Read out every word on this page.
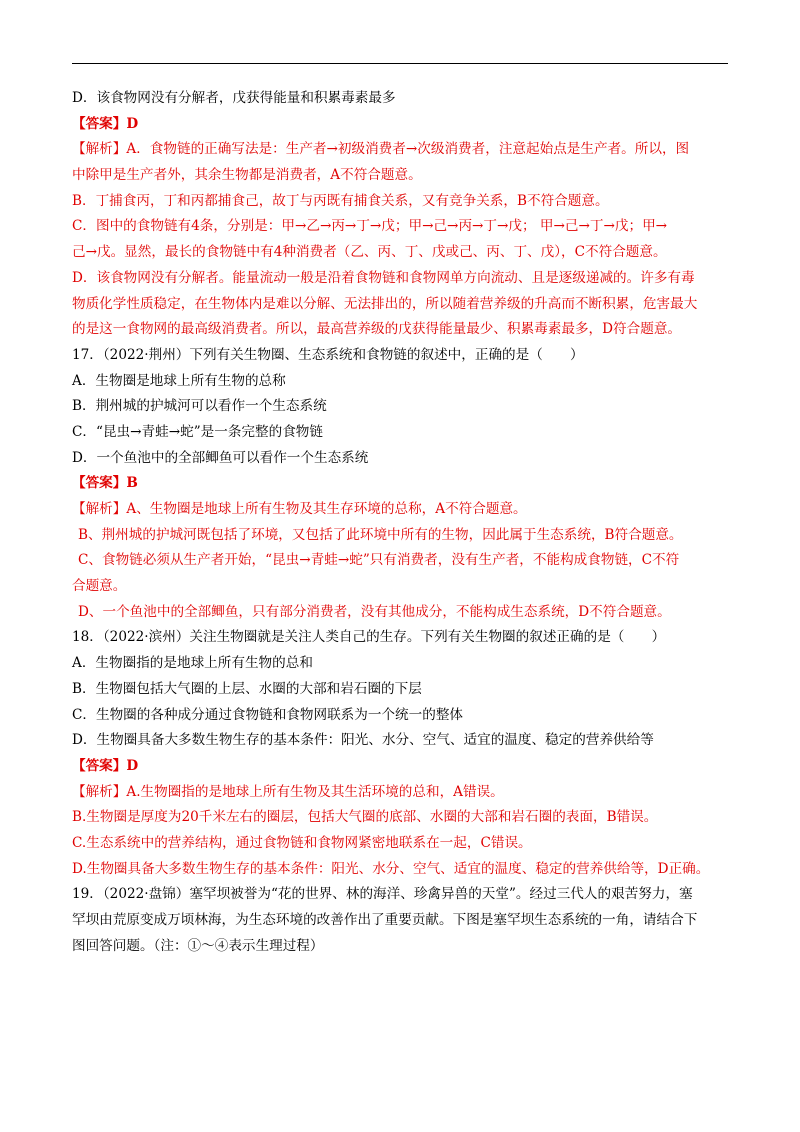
D．该食物网没有分解者，戊获得能量和积累毒素最多
【答案】D
【解析】A．食物链的正确写法是：生产者→初级消费者→次级消费者，注意起始点是生产者。所以，图
中除甲是生产者外，其余生物都是消费者，A不符合题意。
B．丁捕食丙，丁和丙都捕食己，故丁与丙既有捕食关系，又有竞争关系，B不符合题意。
C．图中的食物链有4条，分别是：甲→乙→丙→丁→戊；甲→己→丙→丁→戊； 甲→己→丁→戊；甲→
己→戊。显然，最长的食物链中有4种消费者（乙、丙、丁、戊或己、丙、丁、戊），C不符合题意。
D．该食物网没有分解者。能量流动一般是沿着食物链和食物网单方向流动、且是逐级递减的。许多有毒
物质化学性质稳定，在生物体内是难以分解、无法排出的，所以随着营养级的升高而不断积累，危害最大
的是这一食物网的最高级消费者。所以，最高营养级的戊获得能量最少、积累毒素最多，D符合题意。
17．（2022·荆州）下列有关生物圈、生态系统和食物链的叙述中，正确的是（　　）
A．生物圈是地球上所有生物的总称
B．荆州城的护城河可以看作一个生态系统
C．“昆虫→青蛙→蛇”是一条完整的食物链
D．一个鱼池中的全部鲫鱼可以看作一个生态系统
【答案】B
【解析】A、生物圈是地球上所有生物及其生存环境的总称，A不符合题意。
B、荆州城的护城河既包括了环境，又包括了此环境中所有的生物，因此属于生态系统，B符合题意。
C、食物链必须从生产者开始，“昆虫→青蛙→蛇”只有消费者，没有生产者，不能构成食物链，C不符
合题意。
D、一个鱼池中的全部鲫鱼，只有部分消费者，没有其他成分，不能构成生态系统，D不符合题意。
18．（2022·滨州）关注生物圈就是关注人类自己的生存。下列有关生物圈的叙述正确的是（　　）
A．生物圈指的是地球上所有生物的总和
B．生物圈包括大气圈的上层、水圈的大部和岩石圈的下层
C．生物圈的各种成分通过食物链和食物网联系为一个统一的整体
D．生物圈具备大多数生物生存的基本条件：阳光、水分、空气、适宜的温度、稳定的营养供给等
【答案】D
【解析】A.生物圈指的是地球上所有生物及其生活环境的总和，A错误。
B.生物圈是厚度为20千米左右的圈层，包括大气圈的底部、水圈的大部和岩石圈的表面，B错误。
C.生态系统中的营养结构，通过食物链和食物网紧密地联系在一起，C错误。
D.生物圈具备大多数生物生存的基本条件：阳光、水分、空气、适宜的温度、稳定的营养供给等，D正确。
19．（2022·盘锦）塞罕坝被誉为“花的世界、林的海洋、珍禽异兽的天堂”。经过三代人的艰苦努力，塞
罕坝由荒原变成万顷林海，为生态环境的改善作出了重要贡献。下图是塞罕坝生态系统的一角，请结合下
图回答问题。（注：①～④表示生理过程）
